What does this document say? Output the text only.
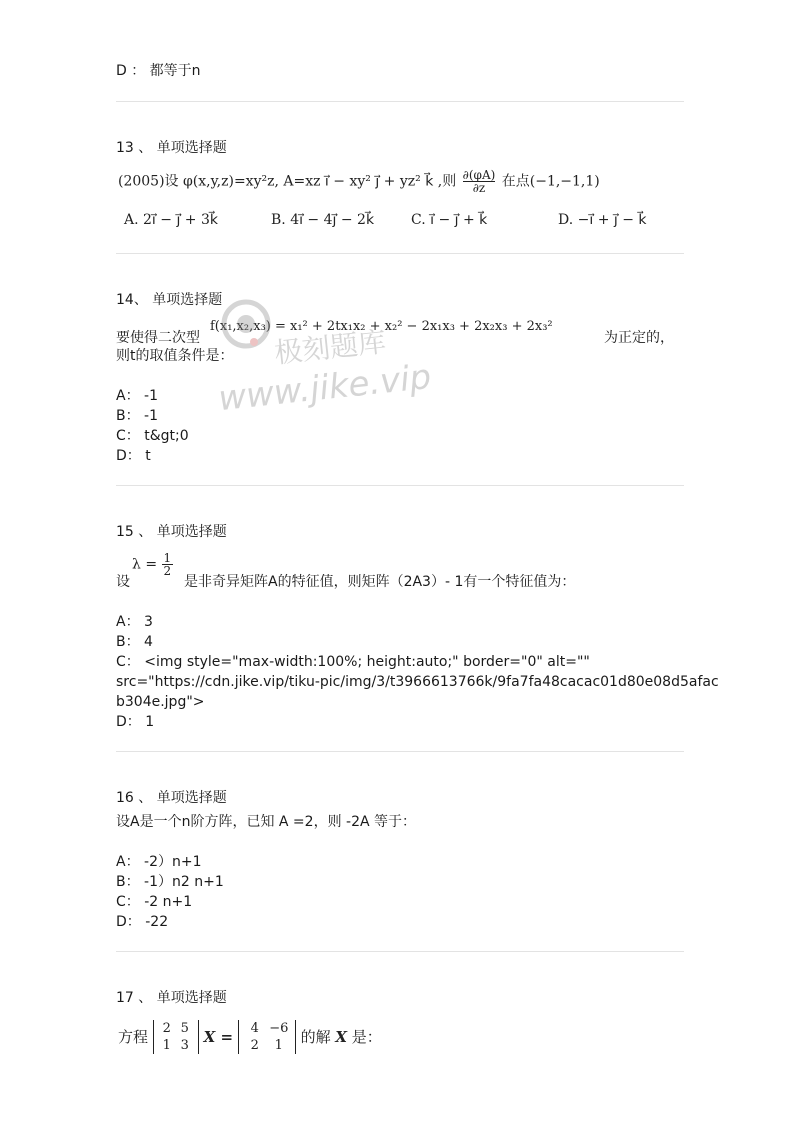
D ： 都等于n
13 、 单项选择题
(2005)设 φ(x,y,z)=xy²z, A=xz i⃗ − xy² j⃗ + yz² k⃗ ,则 $\frac{\partial(\varphi A)}{\partial z}$ 在点(−1,−1,1)
A. 2i⃗ − j⃗ + 3k⃗	B. 4i⃗ − 4j⃗ − 2k⃗	C. i⃗ − j⃗ + k⃗	D. −i⃗ + j⃗ − k⃗
14、 单项选择题
要使得二次型
f(x₁,x₂,x₃) = x₁² + 2tx₁x₂ + x₂² − 2x₁x₃ + 2x₂x₃ + 2x₃²
为正定的，
则t的取值条件是：
A： -1
B： -1
C： t&gt;0
D： t
15 、 单项选择题
$\lambda = \frac{1}{2}$
设	是非奇异矩阵A的特征值，则矩阵（2A3）- 1有一个特征值为：
A： 3
B： 4
C： <img style="max-width:100%; height:auto;" border="0" alt=""
src="https://cdn.jike.vip/tiku-pic/img/3/t3966613766k/9fa7fa48cacac01d80e08d5afac
b304e.jpg">
D： 1
16 、 单项选择题
设A是一个n阶方阵，已知 A =2，则 -2A 等于：
A： -2）n+1
B： -1）n2 n+1
C： -2 n+1
D： -22
17 、 单项选择题
方程 2 5
1 3 X = 4 −6
2 1 的解 X 是：
极刻题库
www.jike.vip
